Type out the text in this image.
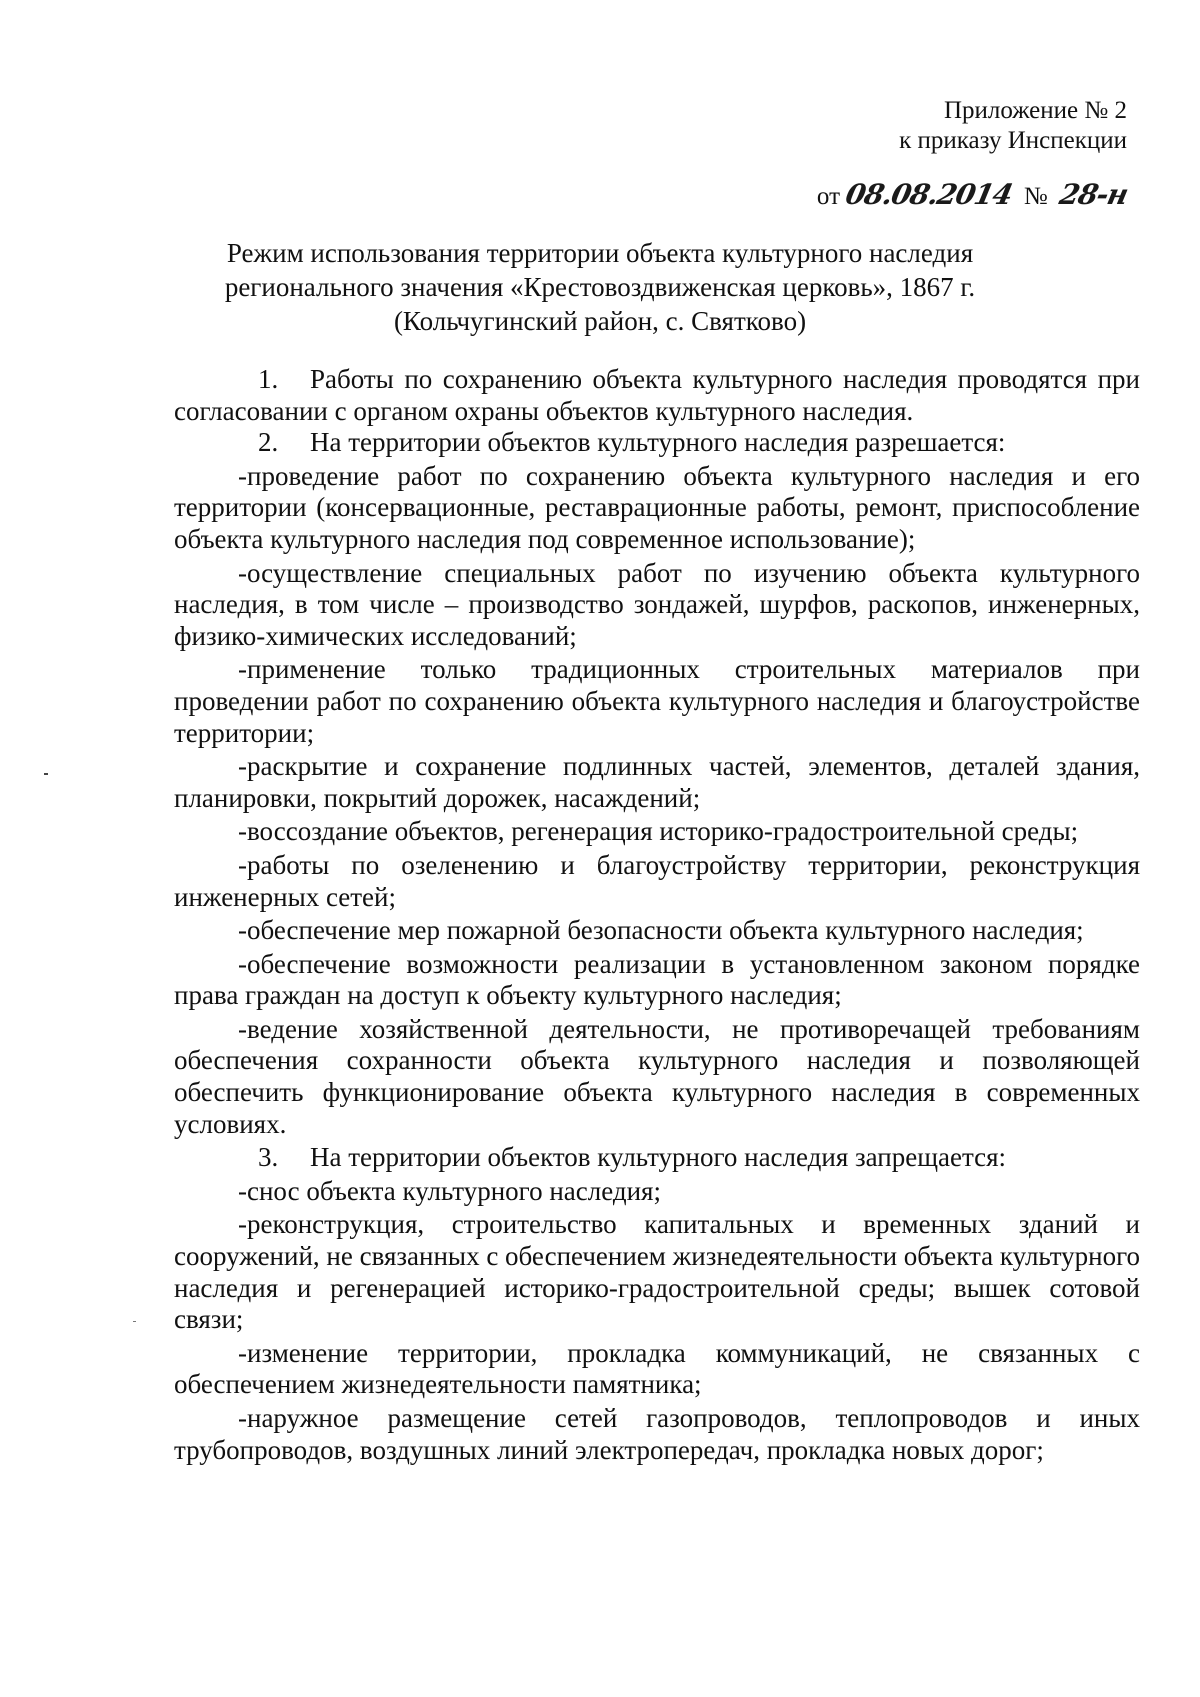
Приложение № 2
к приказу Инспекции
от 08.08.2014 № 28-н
Режим использования территории объекта культурного наследия
регионального значения «Крестовоздвиженская церковь», 1867 г.
(Кольчугинский район, с. Святково)

1. Работы по сохранению объекта культурного наследия проводятся при согласовании с органом охраны объектов культурного наследия.

2. На территории объектов культурного наследия разрешается:

-проведение работ по сохранению объекта культурного наследия и его территории (консервационные, реставрационные работы, ремонт, приспособление объекта культурного наследия под современное использование);

-осуществление специальных работ по изучению объекта культурного наследия, в том числе – производство зондажей, шурфов, раскопов, инженерных, физико-химических исследований;

-применение только традиционных строительных материалов при проведении работ по сохранению объекта культурного наследия и благоустройстве территории;

-раскрытие и сохранение подлинных частей, элементов, деталей здания, планировки, покрытий дорожек, насаждений;

-воссоздание объектов, регенерация историко-градостроительной среды;

-работы по озеленению и благоустройству территории, реконструкция инженерных сетей;

-обеспечение мер пожарной безопасности объекта культурного наследия;

-обеспечение возможности реализации в установленном законом порядке права граждан на доступ к объекту культурного наследия;

-ведение хозяйственной деятельности, не противоречащей требованиям обеспечения сохранности объекта культурного наследия и позволяющей обеспечить функционирование объекта культурного наследия в современных условиях.

3. На территории объектов культурного наследия запрещается:

-снос объекта культурного наследия;

-реконструкция, строительство капитальных и временных зданий и сооружений, не связанных с обеспечением жизнедеятельности объекта культурного наследия и регенерацией историко-градостроительной среды; вышек сотовой связи;

-изменение территории, прокладка коммуникаций, не связанных с обеспечением жизнедеятельности памятника;

-наружное размещение сетей газопроводов, теплопроводов и иных трубопроводов, воздушных линий электропередач, прокладка новых дорог;
